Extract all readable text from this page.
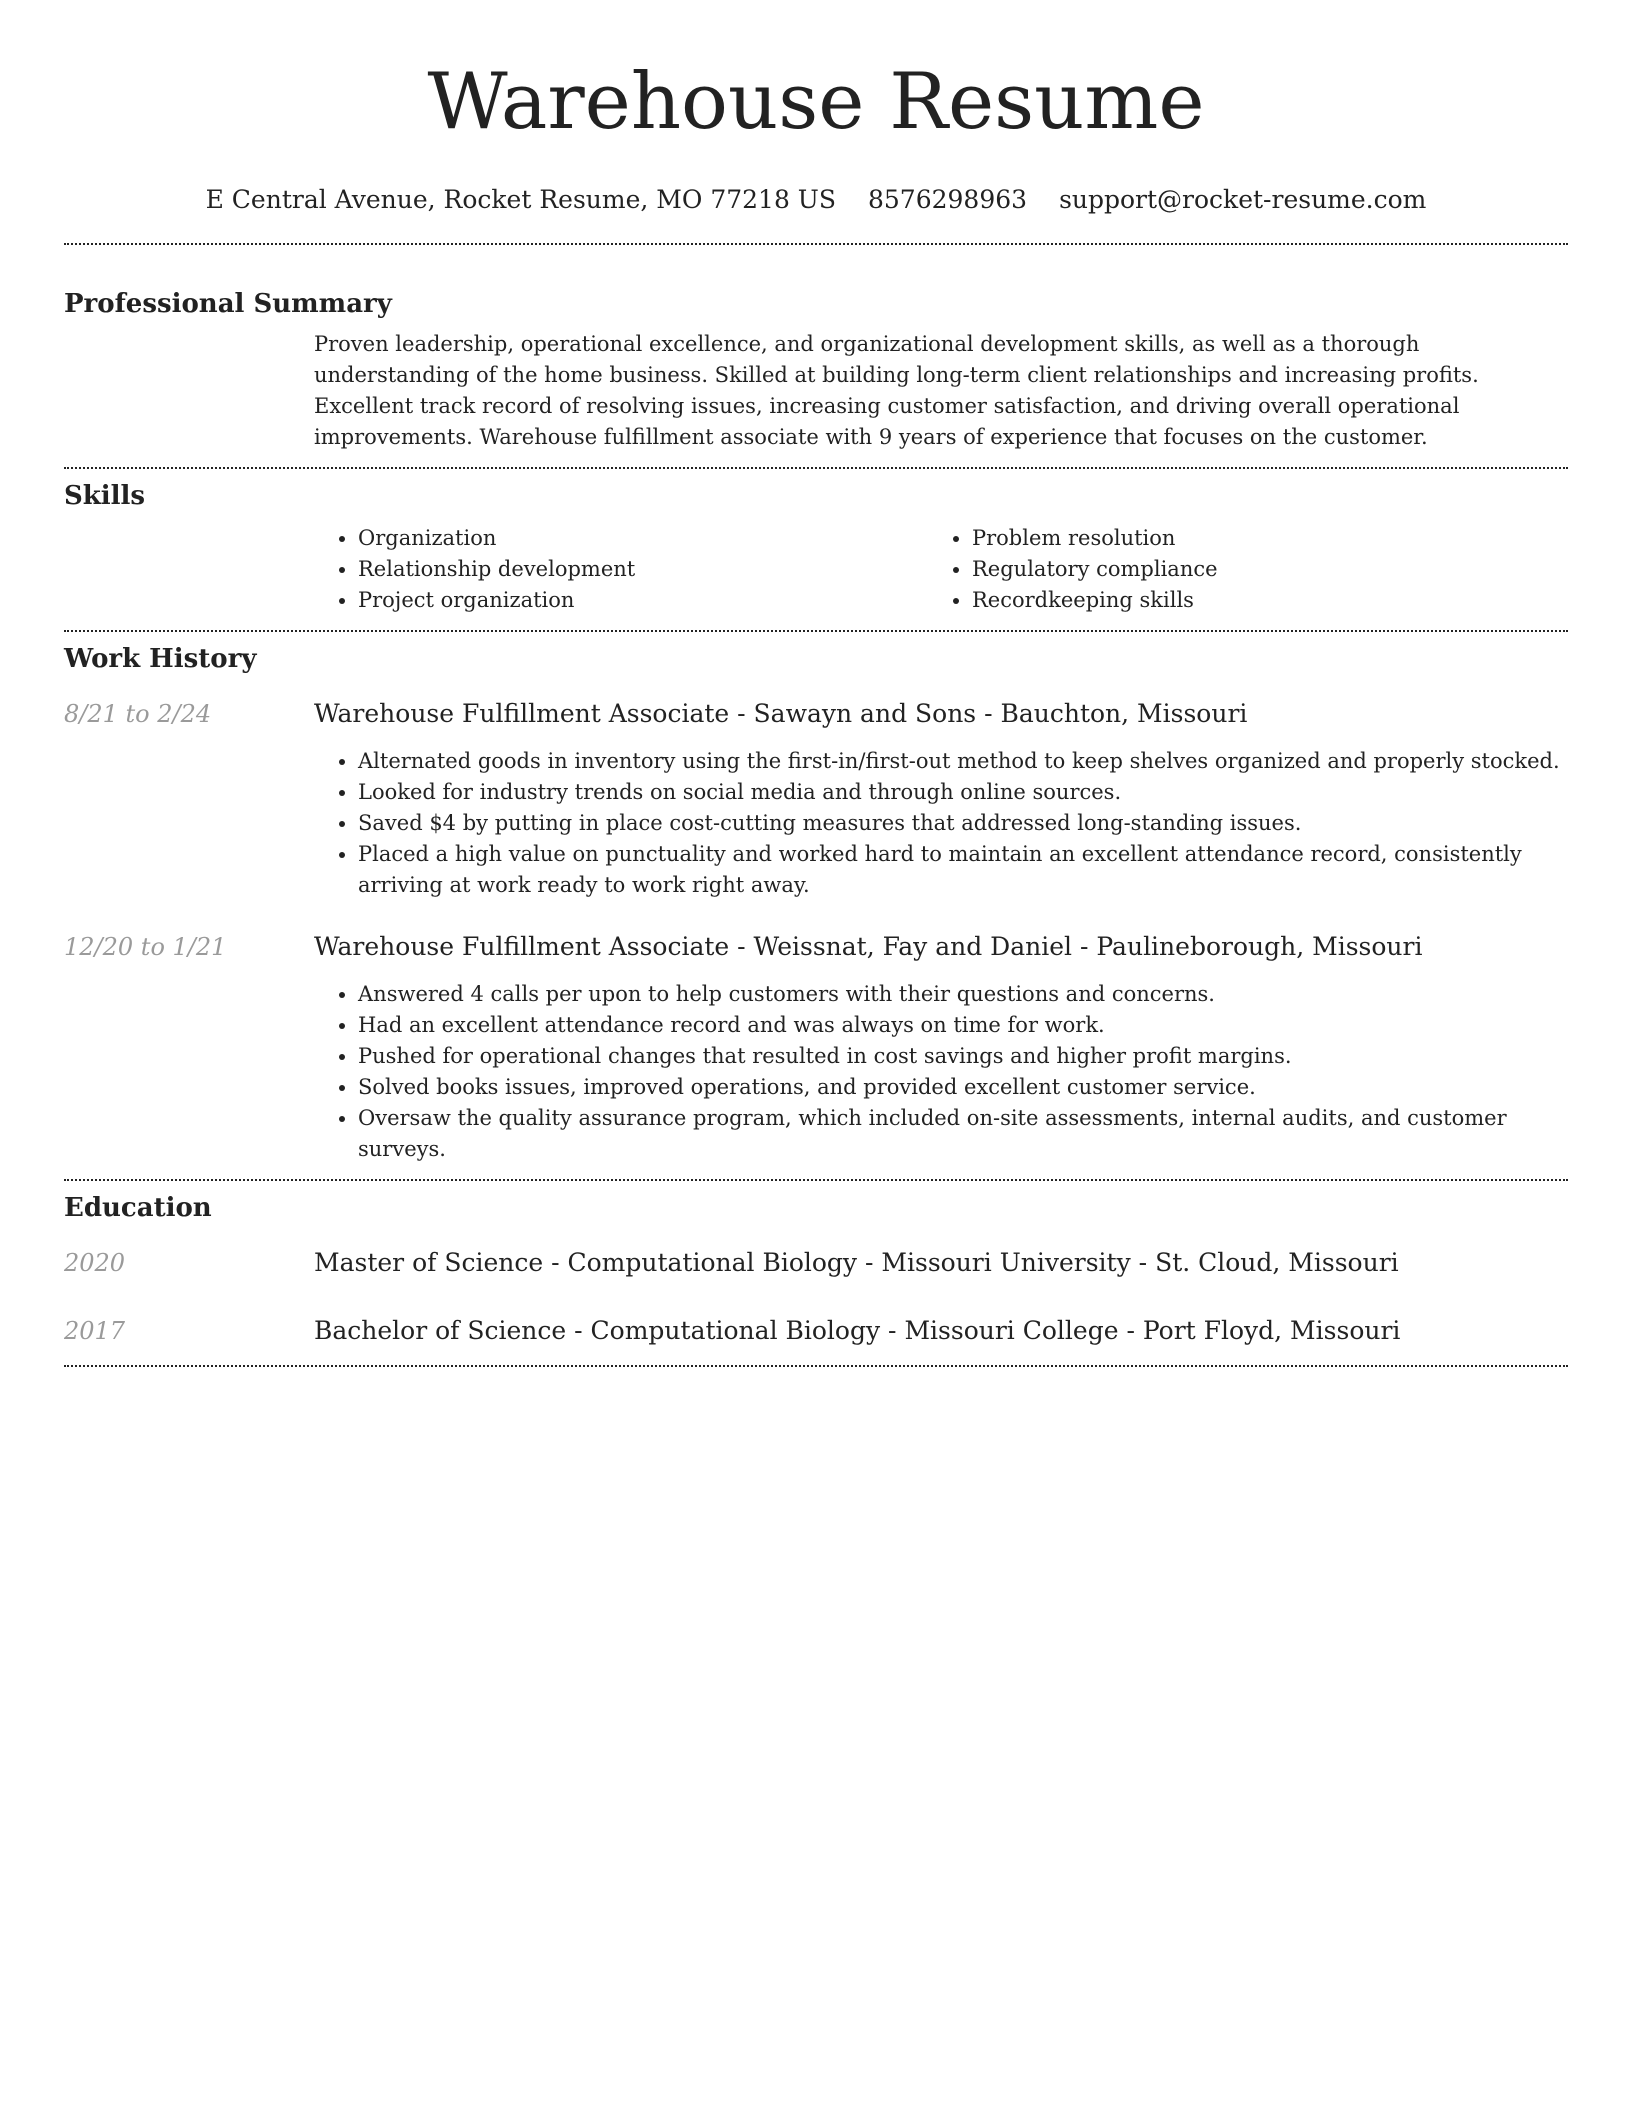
Warehouse Resume
E Central Avenue, Rocket Resume, MO 77218 US 8576298963 support@rocket-resume.com
Professional Summary

Proven leadership, operational excellence, and organizational development skills, as well as a thorough understanding of the home business. Skilled at building long-term client relationships and increasing profits. Excellent track record of resolving issues, increasing customer satisfaction, and driving overall operational improvements. Warehouse fulfillment associate with 9 years of experience that focuses on the customer.

Skills
• Organization
• Relationship development
• Project organization
• Problem resolution
• Regulatory compliance
• Recordkeeping skills
Work History
8/21 to 2/24	Warehouse Fulfillment Associate - Sawayn and Sons - Bauchton, Missouri
• Alternated goods in inventory using the first-in/first-out method to keep shelves organized and properly stocked.
• Looked for industry trends on social media and through online sources.
• Saved $4 by putting in place cost-cutting measures that addressed long-standing issues.
• Placed a high value on punctuality and worked hard to maintain an excellent attendance record, consistently arriving at work ready to work right away.
12/20 to 1/21	Warehouse Fulfillment Associate - Weissnat, Fay and Daniel - Paulineborough, Missouri
• Answered 4 calls per upon to help customers with their questions and concerns.
• Had an excellent attendance record and was always on time for work.
• Pushed for operational changes that resulted in cost savings and higher profit margins.
• Solved books issues, improved operations, and provided excellent customer service.
• Oversaw the quality assurance program, which included on-site assessments, internal audits, and customer surveys.
Education
2020	Master of Science - Computational Biology - Missouri University - St. Cloud, Missouri
2017	Bachelor of Science - Computational Biology - Missouri College - Port Floyd, Missouri
